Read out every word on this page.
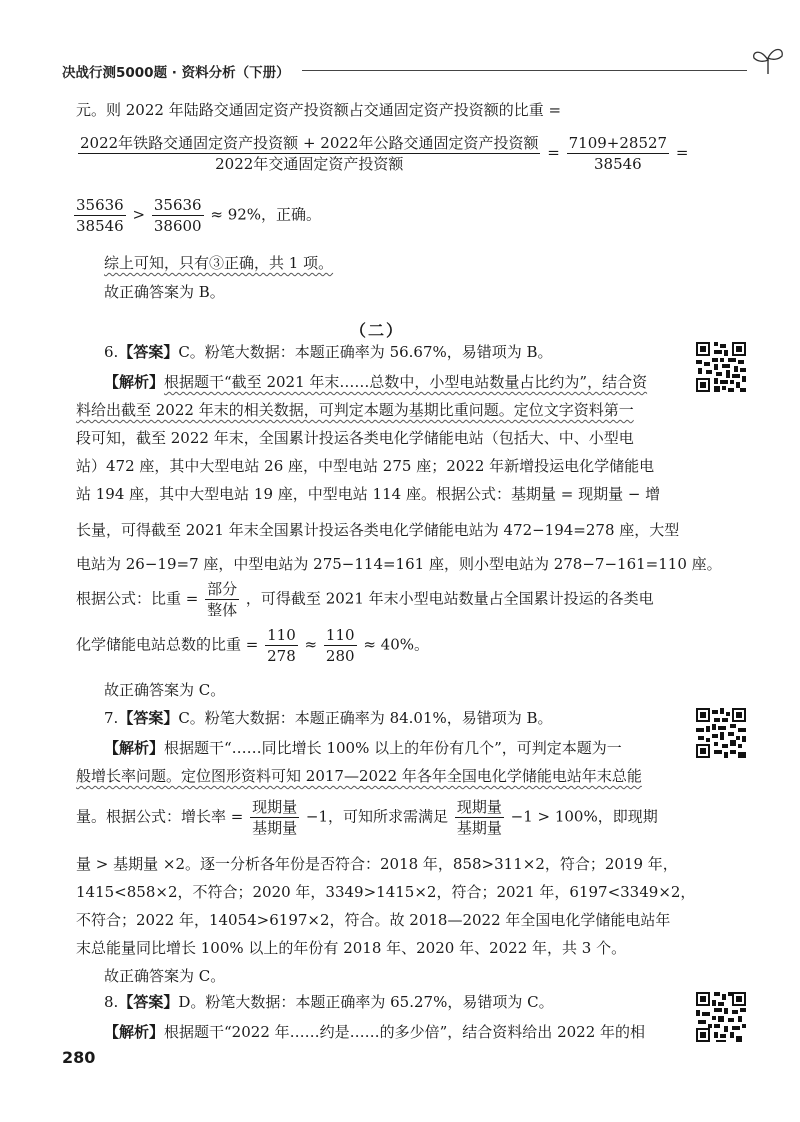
决战行测5000题 · 资料分析（下册）
元。则 2022 年陆路交通固定资产投资额占交通固定资产投资额的比重 =
$\frac{\text{2022年铁路交通固定资产投资额 + 2022年公路交通固定资产投资额}}{\text{2022年交通固定资产投资额}} = \frac{7109+28527}{38546}$ =
$\frac{35636}{38546} > \frac{35636}{38600} \approx 92\%$，正确。
综上可知，只有③正确，共 1 项。
故正确答案为 B。
（二）
6.【答案】C。粉笔大数据：本题正确率为 56.67%，易错项为 B。
【解析】根据题干“截至 2021 年末……总数中，小型电站数量占比约为”，结合资
料给出截至 2022 年末的相关数据，可判定本题为基期比重问题。定位文字资料第一
段可知，截至 2022 年末，全国累计投运各类电化学储能电站（包括大、中、小型电
站）472 座，其中大型电站 26 座，中型电站 275 座；2022 年新增投运电化学储能电
站 194 座，其中大型电站 19 座，中型电站 114 座。根据公式：基期量 = 现期量 − 增
长量，可得截至 2021 年末全国累计投运各类电化学储能电站为 472−194=278 座，大型
电站为 26−19=7 座，中型电站为 275−114=161 座，则小型电站为 278−7−161=110 座。
根据公式：比重 = $\frac{\text{部分}}{\text{整体}}$ ，可得截至 2021 年末小型电站数量占全国累计投运的各类电
化学储能电站总数的比重 = $\frac{110}{278} \approx \frac{110}{280} \approx 40\%$。
故正确答案为 C。
7.【答案】C。粉笔大数据：本题正确率为 84.01%，易错项为 B。
【解析】根据题干“……同比增长 100% 以上的年份有几个”，可判定本题为一
般增长率问题。定位图形资料可知 2017—2022 年各年全国电化学储能电站年末总能
量。根据公式：增长率 = $\frac{\text{现期量}}{\text{基期量}} -1$，可知所求需满足 $\frac{\text{现期量}}{\text{基期量}} -1 > 100\%$，即现期
量 > 基期量 ×2。逐一分析各年份是否符合：2018 年，858>311×2，符合；2019 年，
1415<858×2，不符合；2020 年，3349>1415×2，符合；2021 年，6197<3349×2，
不符合；2022 年，14054>6197×2，符合。故 2018—2022 年全国电化学储能电站年
末总能量同比增长 100% 以上的年份有 2018 年、2020 年、2022 年，共 3 个。
故正确答案为 C。
8.【答案】D。粉笔大数据：本题正确率为 65.27%，易错项为 C。
【解析】根据题干“2022 年……约是……的多少倍”，结合资料给出 2022 年的相
280
